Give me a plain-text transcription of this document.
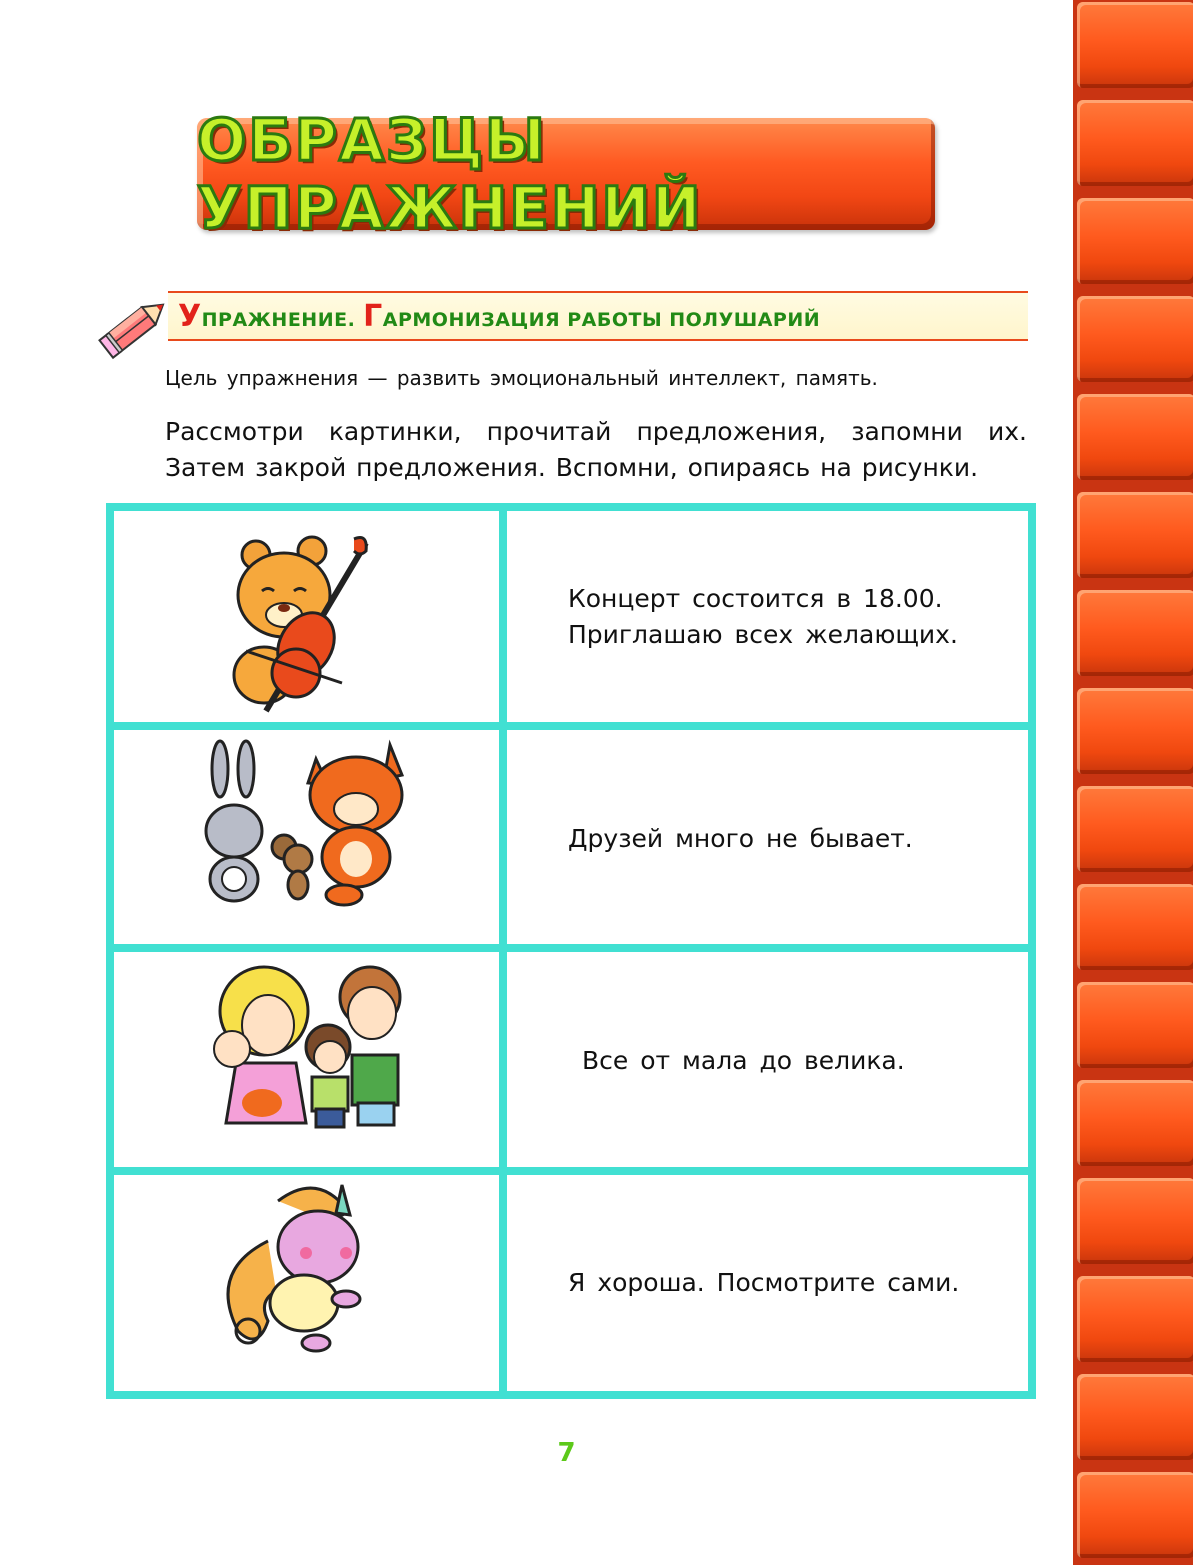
ОБРАЗЦЫ УПРАЖНЕНИЙ
УПРАЖНЕНИЕ. ГАРМОНИЗАЦИЯ РАБОТЫ ПОЛУШАРИЙ
Цель упражнения — развить эмоциональный интеллект, память.
Рассмотри картинки, прочитай предложения, запомни их. Затем закрой предложения. Вспомни, опираясь на рисунки.
Концерт состоится в 18.00.
Приглашаю всех желающих.
Друзей много не бывает.
Все от мала до велика.
Я хороша. Посмотрите сами.
7
